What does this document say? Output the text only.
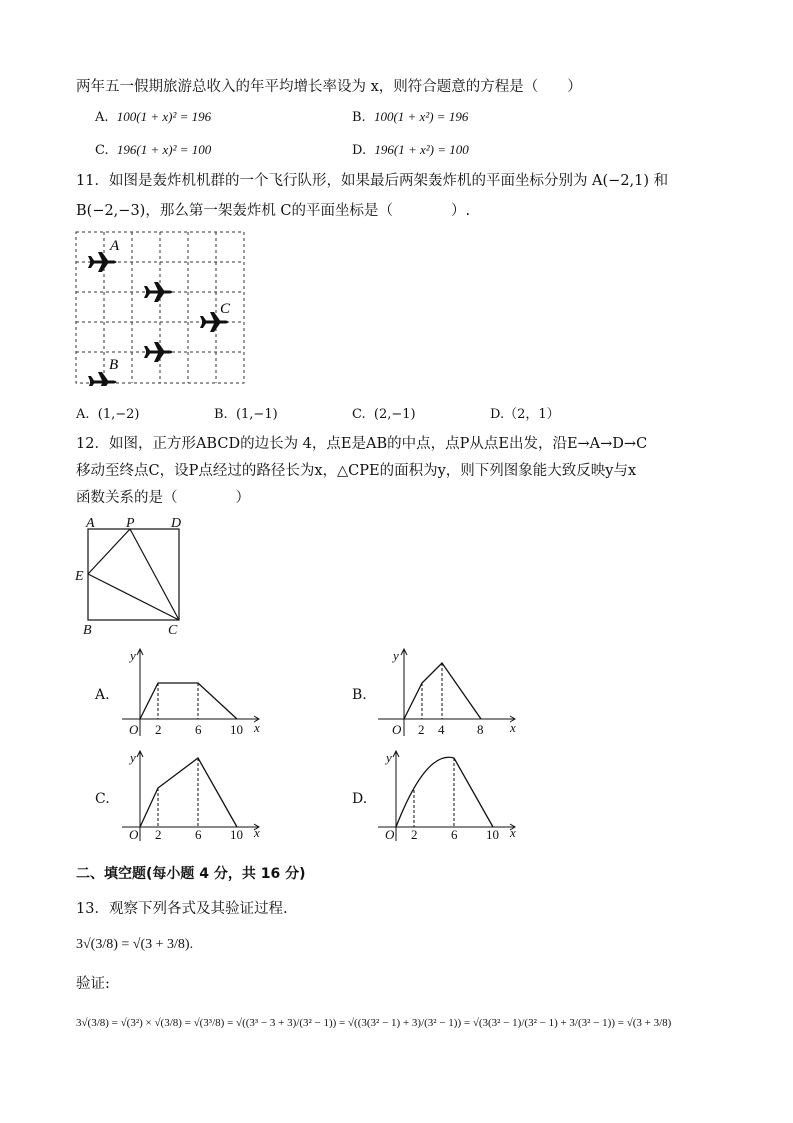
两年五一假期旅游总收入的年平均增长率设为 x，则符合题意的方程是（　　）
A. 100(1 + x)² = 196	B. 100(1 + x²) = 196
C. 196(1 + x)² = 100	D. 196(1 + x²) = 100
11．如图是轰炸机机群的一个飞行队形，如果最后两架轰炸机的平面坐标分别为 A(−2,1) 和
B(−2,−3)，那么第一架轰炸机 C的平面坐标是（　　　　）.
A
C
B
A. (1,−2)	B. (1,−1)	C. (2,−1)	D.（2，1）
12．如图，正方形ABCD的边长为 4，点E是AB的中点，点P从点E出发，沿E→A→D→C
移动至终点C，设P点经过的路径长为x，△CPE的面积为y，则下列图象能大致反映y与x
函数关系的是（　　　　）
A P	D
E
B	C
A.
y
O 2	6 10 x
B.
y
O 2 4	8 x
C.
y
O 2	6 10 x
D.
y
O 2	6 10 x
二、填空题(每小题 4 分，共 16 分)
13．观察下列各式及其验证过程.
3√(3/8) = √(3 + 3/8).
验证:
3√(3/8) = √(3²) × √(3/8) = √(3³/8) = √((3³ − 3 + 3)/(3² − 1)) = √((3(3² − 1) + 3)/(3² − 1)) = √(3(3² − 1)/(3² − 1) + 3/(3² − 1)) = √(3 + 3/8)
